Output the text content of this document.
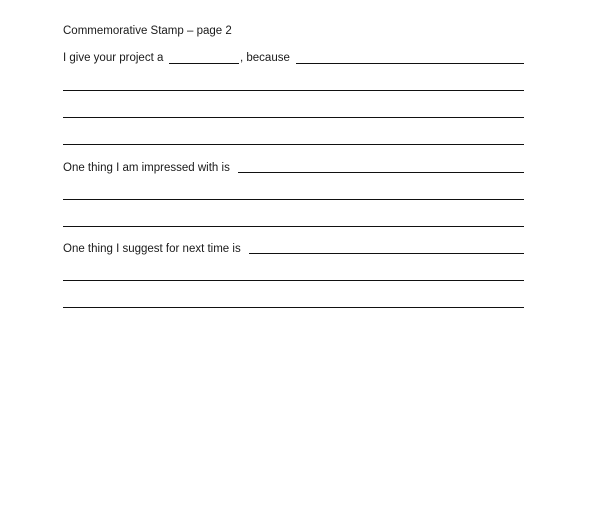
Commemorative Stamp – page 2
I give your project a	, because
One thing I am impressed with is
One thing I suggest for next time is
